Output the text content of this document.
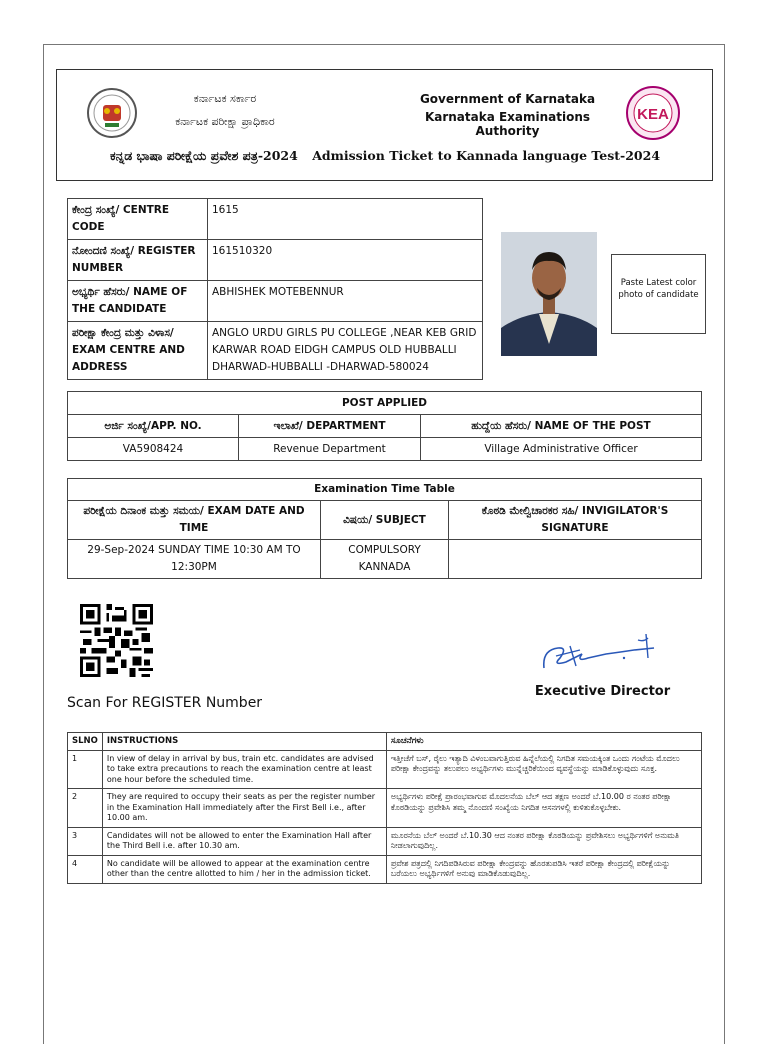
ಕರ್ನಾಟಕ ಸರ್ಕಾರ
ಕರ್ನಾಟಕ ಪರೀಕ್ಷಾ ಪ್ರಾಧಿಕಾರ
Government of Karnataka
Karnataka Examinations Authority
KEA
ಕನ್ನಡ ಭಾಷಾ ಪರೀಕ್ಷೆಯ ಪ್ರವೇಶ ಪತ್ರ-2024 Admission Ticket to Kannada language Test-2024
ಕೇಂದ್ರ ಸಂಖ್ಯೆ/ CENTRE CODE	1615
ನೋಂದಣಿ ಸಂಖ್ಯೆ/ REGISTER NUMBER	161510320
ಅಭ್ಯರ್ಥಿ ಹೆಸರು/ NAME OF THE CANDIDATE	ABHISHEK MOTEBENNUR
ಪರೀಕ್ಷಾ ಕೇಂದ್ರ ಮತ್ತು ವಿಳಾಸ/ EXAM CENTRE AND ADDRESS	ANGLO URDU GIRLS PU COLLEGE ,NEAR KEB GRID KARWAR ROAD EIDGH CAMPUS OLD HUBBALLI DHARWAD-HUBBALLI -DHARWAD-580024
Paste Latest color photo of candidate
POST APPLIED		
ಅರ್ಜಿ ಸಂಖ್ಯೆ/APP. NO.	ಇಲಾಖೆ/ DEPARTMENT	ಹುದ್ದೆಯ ಹೆಸರು/ NAME OF THE POST
VA5908424	Revenue Department	Village Administrative Officer
Examination Time Table		
ಪರೀಕ್ಷೆಯ ದಿನಾಂಕ ಮತ್ತು ಸಮಯ/ EXAM DATE AND TIME	ವಿಷಯ/ SUBJECT	ಕೊಠಡಿ ಮೇಲ್ವಿಚಾರಕರ ಸಹಿ/ INVIGILATOR'S SIGNATURE
29-Sep-2024 SUNDAY TIME 10:30 AM TO 12:30PM	COMPULSORY KANNADA	
Scan For REGISTER Number
Executive Director
SLNO	INSTRUCTIONS	ಸೂಚನೆಗಳು
1	In view of delay in arrival by bus, train etc. candidates are advised to take extra precautions to reach the examination centre at least one hour before the scheduled time.	ಇತ್ತೀಚೆಗೆ ಬಸ್, ರೈಲು ಇತ್ಯಾದಿ ವಿಳಂಬವಾಗುತ್ತಿರುವ ಹಿನ್ನೆಲೆಯಲ್ಲಿ ನಿಗದಿತ ಸಮಯಕ್ಕಿಂತ ಒಂದು ಗಂಟೆಯ ಮೊದಲು ಪರೀಕ್ಷಾ ಕೇಂದ್ರವನ್ನು ತಲುಪಲು ಅಭ್ಯರ್ಥಿಗಳು ಮುನ್ನೆಚ್ಚರಿಕೆಯಿಂದ ವ್ಯವಸ್ಥೆಯನ್ನು ಮಾಡಿಕೊಳ್ಳುವುದು ಸೂಕ್ತ.
2	They are required to occupy their seats as per the register number in the Examination Hall immediately after the First Bell i.e., after 10.00 am.	ಅಭ್ಯರ್ಥಿಗಳು ಪರೀಕ್ಷೆ ಪ್ರಾರಂಭವಾಗುವ ಮೊದಲನೆಯ ಬೆಲ್ ಆದ ತಕ್ಷಣ ಅಂದರೆ ಬೆ.10.00 ರ ನಂತರ ಪರೀಕ್ಷಾ ಕೊಠಡಿಯನ್ನು ಪ್ರವೇಶಿಸಿ ತಮ್ಮ ನೊಂದಣಿ ಸಂಖ್ಯೆಯ ನಿಗದಿತ ಆಸನಗಳಲ್ಲಿ ಕುಳಿತುಕೊಳ್ಳಬೇಕು.
3	Candidates will not be allowed to enter the Examination Hall after the Third Bell i.e. after 10.30 am.	ಮೂರನೆಯ ಬೆಲ್ ಅಂದರೆ ಬೆ.10.30 ಆದ ನಂತರ ಪರೀಕ್ಷಾ ಕೊಠಡಿಯನ್ನು ಪ್ರವೇಶಿಸಲು ಅಭ್ಯರ್ಥಿಗಳಿಗೆ ಅನುಮತಿ ನೀಡಲಾಗುವುದಿಲ್ಲ.
4	No candidate will be allowed to appear at the examination centre other than the centre allotted to him / her in the admission ticket.	ಪ್ರವೇಶ ಪತ್ರದಲ್ಲಿ ನಿಗದಿಪಡಿಸಿರುವ ಪರೀಕ್ಷಾ ಕೇಂದ್ರವನ್ನು ಹೊರತುಪಡಿಸಿ ಇತರೆ ಪರೀಕ್ಷಾ ಕೇಂದ್ರದಲ್ಲಿ ಪರೀಕ್ಷೆಯನ್ನು ಬರೆಯಲು ಅಭ್ಯರ್ಥಿಗಳಿಗೆ ಅನುವು ಮಾಡಿಕೊಡುವುದಿಲ್ಲ.
